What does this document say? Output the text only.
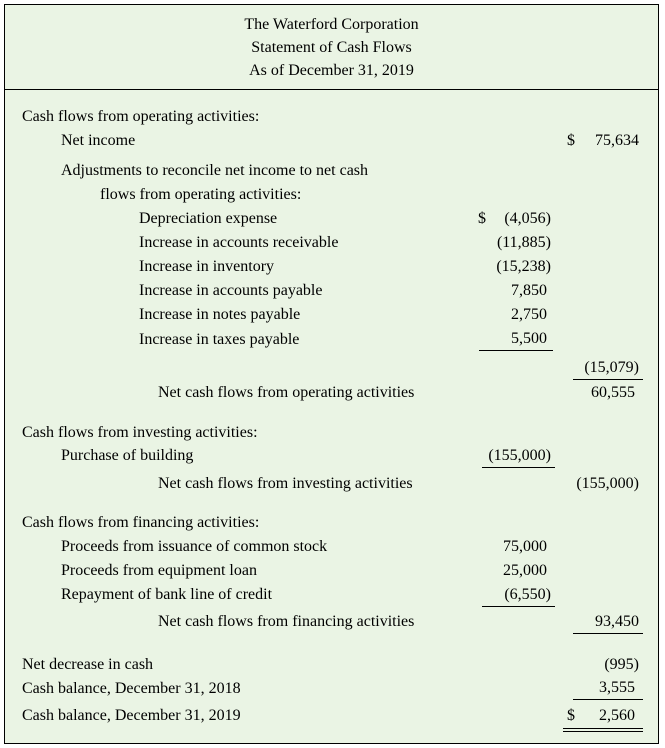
The Waterford Corporation
Statement of Cash Flows
As of December 31, 2019
Cash flows from operating activities:
Net income	$ 75,634
Adjustments to reconcile net income to net cash
flows from operating activities:
Depreciation expense	$ (4,056)
Increase in accounts receivable	(11,885)
Increase in inventory	(15,238)
Increase in accounts payable	7,850
Increase in notes payable	2,750
Increase in taxes payable	5,500
(15,079)
Net cash flows from operating activities	60,555
Cash flows from investing activities:
Purchase of building	(155,000)
Net cash flows from investing activities	(155,000)
Cash flows from financing activities:
Proceeds from issuance of common stock	75,000
Proceeds from equipment loan	25,000
Repayment of bank line of credit	(6,550)
Net cash flows from financing activities	93,450
Net decrease in cash	(995)
Cash balance, December 31, 2018	3,555
Cash balance, December 31, 2019	$ 2,560
